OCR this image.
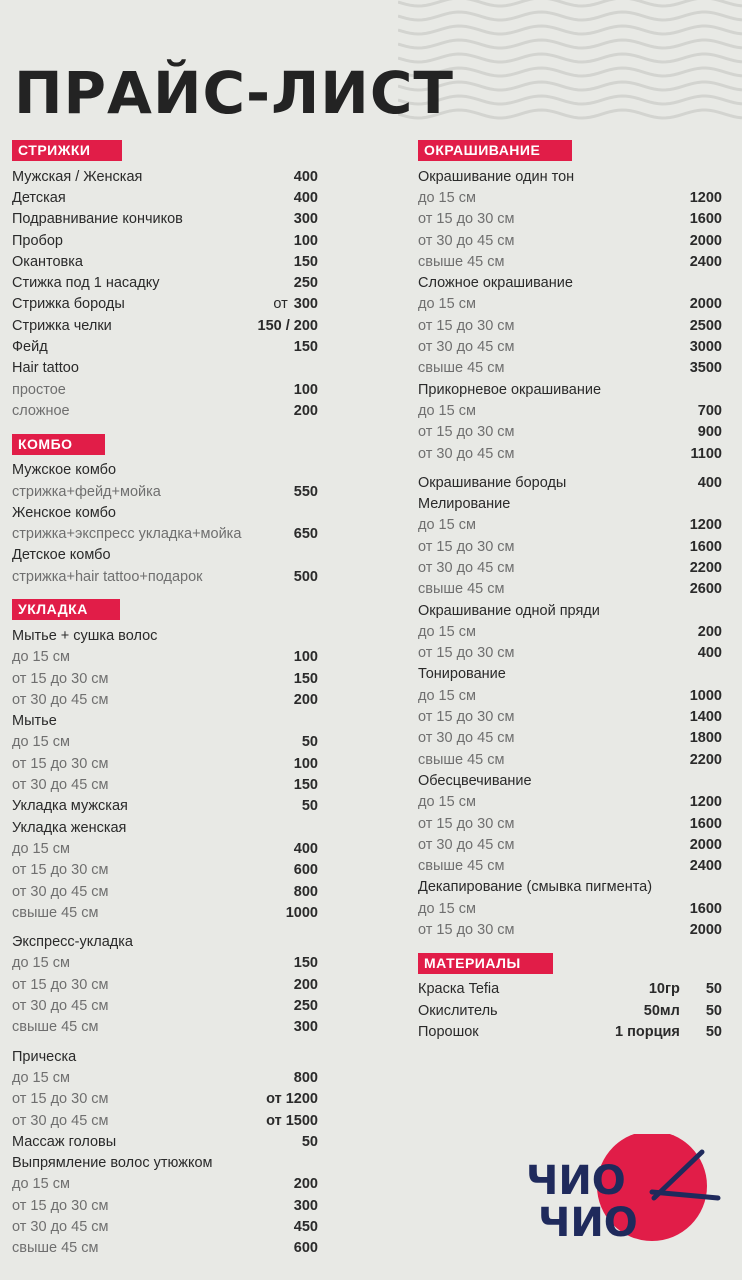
ПРАЙС-ЛИСТ
СТРИЖКИ
Мужская / Женская	400
Детская	400
Подравнивание кончиков	300
Пробор	100
Окантовка	150
Стижка под 1 насадку	250
Стрижка бороды	от 300
Стрижка челки	150 / 200
Фейд	150
Hair tattoo
простое	100
сложное	200
КОМБО
Мужское комбо
стрижка+фейд+мойка	550
Женское комбо
стрижка+экспресс укладка+мойка	650
Детское комбо
стрижка+hair tattoo+подарок	500
УКЛАДКА
Мытье + сушка волос
до 15 см	100
от 15 до 30 см	150
от 30 до 45 см	200
Мытье
до 15 см	50
от 15 до 30 см	100
от 30 до 45 см	150
Укладка мужская	50
Укладка женская
до 15 см	400
от 15 до 30 см	600
от 30 до 45 см	800
свыше 45 см	1000
Экспресс-укладка
до 15 см	150
от 15 до 30 см	200
от 30 до 45 см	250
свыше 45 см	300
Прическа
до 15 см	800
от 15 до 30 см	от 1200
от 30 до 45 см	от 1500
Массаж головы	50
Выпрямление волос утюжком
до 15 см	200
от 15 до 30 см	300
от 30 до 45 см	450
свыше 45 см	600
ОКРАШИВАНИЕ
Окрашивание один тон
до 15 см	1200
от 15 до 30 см	1600
от 30 до 45 см	2000
свыше 45 см	2400
Сложное окрашивание
до 15 см	2000
от 15 до 30 см	2500
от 30 до 45 см	3000
свыше 45 см	3500
Прикорневое окрашивание
до 15 см	700
от 15 до 30 см	900
от 30 до 45 см	1100
Окрашивание бороды	400
Мелирование
до 15 см	1200
от 15 до 30 см	1600
от 30 до 45 см	2200
свыше 45 см	2600
Окрашивание одной пряди
до 15 см	200
от 15 до 30 см	400
Тонирование
до 15 см	1000
от 15 до 30 см	1400
от 30 до 45 см	1800
свыше 45 см	2200
Обесцвечивание
до 15 см	1200
от 15 до 30 см	1600
от 30 до 45 см	2000
свыше 45 см	2400
Декапирование (смывка пигмента)
до 15 см	1600
от 15 до 30 см	2000
МАТЕРИАЛЫ
Краска Tefia	10гр 50
Окислитель	50мл 50
Порошок	1 порция 50
ЧИО
ЧИО
